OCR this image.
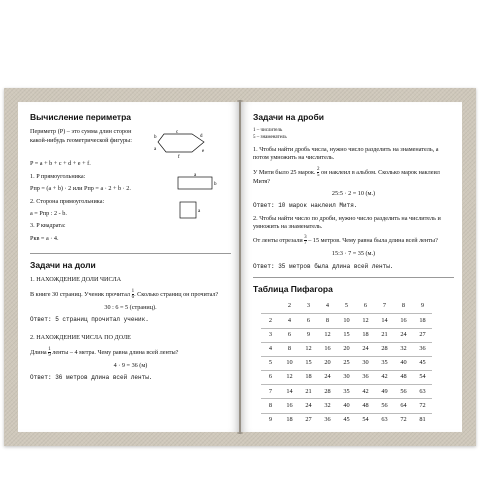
Вычисление периметра

Периметр (P) – это сумма длин сторон какой-нибудь геометрической фигуры:

c
d
b
a
f
e

P = a + b + c + d + e + f.

1. P прямоугольника:

Pпр = (a + b) · 2 или Pпр = a · 2 + b · 2.

b
a

2. Сторона прямоугольника:

a = Pпр : 2 - b.

3. P квадрата:

Pкв = a · 4.

a
Задачи на доли

1. НАХОЖДЕНИЕ ДОЛИ ЧИСЛА

В книге 30 страниц. Ученик прочитал $\frac{1}{6}$ . Сколько страниц он прочитал?

30 : 6 = 5 (страниц).

Ответ: 5 страниц прочитал ученик.

2. НАХОЖДЕНИЕ ЧИСЛА ПО ДОЛЕ

Длина $\frac{1}{9}$ ленты – 4 метра. Чему равна длина всей ленты?

4 · 9 = 36 (м)

Ответ: 36 метров длина всей ленты.

Задачи на дроби

1 – числитель

5 – знаменатель

1. Чтобы найти дробь числа, нужно число разделить на знаменатель, а потом умножить на числитель.

У Мити было 25 марок. $\frac{2}{5}$ он наклеил в альбом. Сколько марок наклеил Митя?

25:5 · 2 = 10 (м.)

Ответ: 10 марок наклеил Митя.

2. Чтобы найти число по дроби, нужно число разделить на числитель и умножить на знаменатель.

От ленты отрезали $\frac{3}{7} - 15$ метров. Чему равна была длина всей ленты?

15:3 · 7 = 35 (м.)

Ответ: 35 метров была длина всей ленты.

Таблица Пифагора
	2	3	4	5	6	7	8	9
2	4	6	8	10	12	14	16	18
3	6	9	12	15	18	21	24	27
4	8	12	16	20	24	28	32	36
5	10	15	20	25	30	35	40	45
6	12	18	24	30	36	42	48	54
7	14	21	28	35	42	49	56	63
8	16	24	32	40	48	56	64	72
9	18	27	36	45	54	63	72	81
